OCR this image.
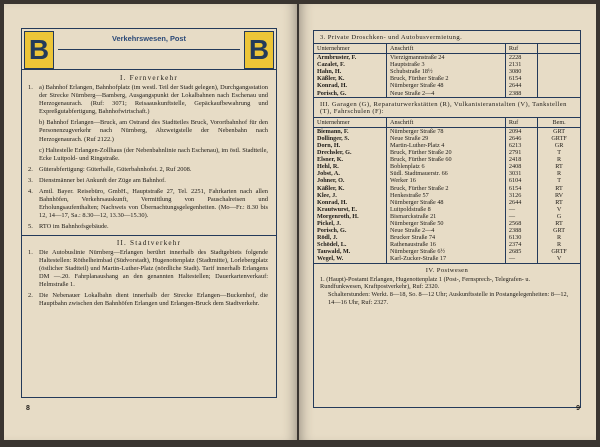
B	Verkehrswesen, Post	B
I. Fernverkehr
1. a) Bahnhof Erlangen, Bahnhofplatz (im westl. Teil der Stadt gelegen), Durchgangsstation der Strecke Nürnberg—Bamberg, Ausgangspunkt der Lokalbahnen nach Eschenau und Herzogenaurach. (Ruf: 3071; Reisaauskunftstelle, Gepäckaufbewahrung und Expreßgutabfertigung, Bahnhofwirtschaft.)
b) Bahnhof Erlangen—Bruck, am Ostrand des Stadtteiles Bruck, Vorortbahnhof für den Personenzugverkehr nach Nürnberg, Abzweigstelle der Nebenbahn nach Herzogenaurach. (Ruf 2122.)
c) Haltestelle Erlangen-Zollhaus (der Nebenbahnlinie nach Eschenau), im östl. Stadtteile, Ecke Luitpold- und Ringstraße.
2. Güterabfertigung: Güterhalle, Güterbahnhofst. 2, Ruf 2008.
3. Dienstmänner bei Ankunft der Züge am Bahnhof.
4. Amtl. Bayer. Reisebüro, GmbH., Hauptstraße 27, Tel. 2251, Fahrkarten nach allen Bahnhöfen, Verkehrsauskunft, Vermittlung von Pauschalreisen und Erholungsaufenthalten; Nachweis von Übernachtungsgelegenheiten. (Mo—Fr.: 8.30 bis 12, 14—17, Sa.: 8.30—12, 13.30—15.30).
5. RTO im Bahnhofsgebäude.
II. Stadtverkehr
1. Die Autobuslinie Nürnberg—Erlangen berührt innerhalb des Stadtgebiets folgende Haltestellen: Röthelheimbad (Südvorstadt), Hugenottenplatz (Stadtmitte), Lorlebergplatz (östlicher Stadtteil) und Martin-Luther-Platz (nördliche Stadt). Tarif innerhalb Erlangens DM —.20. Fahrplanaushang an den genannten Haltestellen; Dauerkartenverkauf: Helmstraße 1.
2. Die Nebenauer Lokalbahn dient innerhalb der Strecke Erlangen—Buckenhof, die Hauptbahn zwischen den Bahnhöfen Erlangen und Erlangen-Bruck dem Stadtverkehr.
8
3. Private Droschken- und Autobusvermietung.
Unternehmer	Anschrift	Ruf	
Armbruster, F.	Vierzigmannstraße 24	2228	
Cazalet, F.	Hauptstraße 3	2131	
Hahn, H.	Schubstraße 18½	3080	
Käßler, K.	Bruck, Fürther Straße 2	6154	
Konrad, H.	Nürnberger Straße 48	2644	
Porisch, G.	Neue Straße 2—4	2388	
III. Garagen (G), Reparaturwerkstätten (R), Vulkanisieranstalten (V), Tankstellen (T), Fahrschulen (F):
Unternehmer	Anschrift	Ruf	Bem.
Biemann, F.	Nürnberger Straße 78	2094	GRT
Dollinger, S.	Neue Straße 29	2646	GRTF
Dorn, H.	Martin-Luther-Platz 4	6213	GR
Drechsler, G.	Bruck, Fürther Straße 20	2791	T
Elsner, K.	Bruck, Fürther Straße 60	2418	R
Hehl, R.	Boblenplatz 6	2408	RT
Jobst, A.	Südl. Stadtmauerstr. 66	3031	R
Johner, O.	Werker 16	6104	T
Käßler, K.	Bruck, Fürther Straße 2	6154	RT
Klee, J.	Henkestraße 57	3126	RV
Konrad, H.	Nürnberger Straße 48	2644	RT
Krautwurst, E.	Luitpoldstraße 8	—	V
Morgenroth, H.	Bismarckstraße 21	—	G
Pickel, J.	Nürnberger Straße 50	2568	RT
Porisch, G.	Neue Straße 2—4	2388	GRT
Rödl, J.	Brucker Straße 74	6130	R
Schödel, L.	Rathenaustraße 16	2374	R
Tauwald, M.	Nürnberger Straße 6½	2685	GRTF
Wegel, W.	Karl-Zucker-Straße 17	—	V
IV. Postwesen
1. (Haupt)-Postamt Erlangen, Hugenottenplatz 1 (Post-, Fernsprech-, Telegrafen- u. Rundfunkwesen, Kraftpostverkehr), Ruf: 2320.
Schalterstunden: Werkt. 8—18, So. 8—12 Uhr; Auskunftsstelle in Postangelegenheiten: 8—12, 14—16 Uhr, Ruf: 2327.
9
